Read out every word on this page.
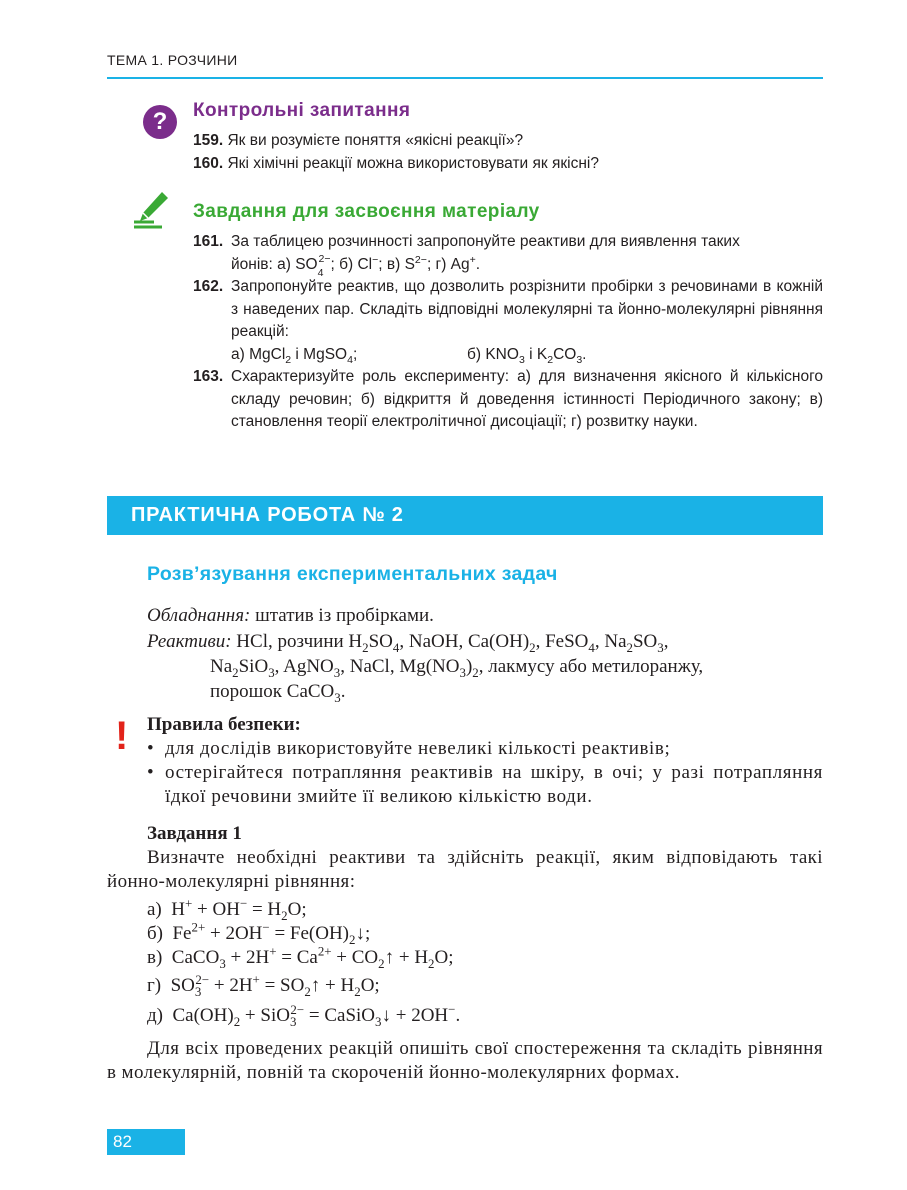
ТЕМА 1. РОЗЧИНИ
?	Контрольні запитання
159. Як ви розумієте поняття «якісні реакції»?
160. Які хімічні реакції можна використовувати як якісні?
Завдання для засвоєння матеріалу
161. За таблицею розчинності запропонуйте реактиви для виявлення таких
йонів: а) $SO_4^{2-}$; б) Cl−; в) $S^{2-}$; г) Ag+.
162. Запропонуйте реактив, що дозволить розрізнити пробірки з речовинами в кожній з наведених пар. Складіть відповідні молекулярні та йонно-молекулярні рівняння реакцій:
а) MgCl$_2$ і MgSO$_4$;	б) $KNO_3$ і $K_2CO_3$.
163. Схарактеризуйте роль експерименту: а) для визначення якісного й кількісного складу речовин; б) відкриття й доведення істинності Періодичного закону; в) становлення теорії електролітичної дисоціації; г) розвитку науки.
ПРАКТИЧНА РОБОТА № 2
Розв’язування експериментальних задач
Обладнання: штатив із пробірками.
Реактиви: HCl, розчини $H_2SO_4$, NaOH, $Ca(OH)_2$, FeSO$_4$, $Na_2SO_3$,
$Na_2SiO_3$, AgNO$_3$, NaCl, $Mg(NO_3)_2$, лакмусу або метилоранжу,
порошок CaCO$_3$.
! Правила безпеки:
• для дослідів використовуйте невеликі кількості реактивів;
• остерігайтеся потрапляння реактивів на шкіру, в очі; у разі потрапляння їдкої речовини змийте її великою кількістю води.
Завдання 1
Визначте необхідні реактиви та здійсніть реакції, яким відповідають такі йонно-молекулярні рівняння:
а)  $H^+ + OH^- = H_2O$;
б)  $Fe^{2+} + 2OH^-$ = $Fe(OH)_2↓$;
в)  CaCO$_3$ + $2H^+ = Ca^{2+}$ + $CO_2↑ + H_2O$;
г)  $SO_3^{2-} + 2H^+$ = $SO_2↑ + H_2O$;
д)  $Ca(OH)_2 + SiO_3^{2-}$ = CaSiO$_3$↓ + 2OH−.
Для всіх проведених реакцій опишіть свої спостереження та складіть рівняння в молекулярній, повній та скороченій йонно-молекулярних формах.
82
